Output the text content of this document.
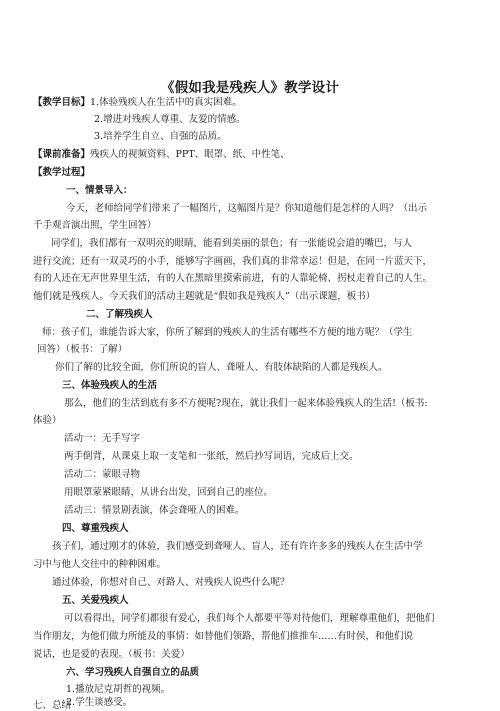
《假如我是残疾人》教学设计
【教学目标】1.体验残疾人在生活中的真实困难。
2.增进对残疾人尊重、友爱的情感。
3.培养学生自立、自强的品质。
【课前准备】残疾人的视频资料、PPT、眼罩、纸、中性笔、
【教学过程】
一、情景导入：
今天，老师给同学们带来了一幅图片，这幅图片是？你知道他们是怎样的人吗？（出示
千手观音演出照，学生回答）
同学们，我们都有一双明亮的眼睛，能看到美丽的景色；有一张能说会道的嘴巴，与人
进行交流；还有一双灵巧的小手，能够写字画画，我们真的非常幸运！但是，在同一片蓝天下，
有的人还在无声世界里生活，有的人在黑暗里摸索前进，有的人靠轮椅、拐杖走着自己的人生。
他们就是残疾人。今天我们的活动主题就是“假如我是残疾人”（出示课题，板书）
二、了解残疾人
师：孩子们，谁能告诉大家，你所了解到的残疾人的生活有哪些不方便的地方呢？（学生
回答）（板书：了解）
你们了解的比较全面，你们所说的盲人、聋哑人、有肢体缺陷的人都是残疾人。
三、体验残疾人的生活
那么，他们的生活到底有多不方便呢?现在，就让我们一起来体验残疾人的生活!（板书:
体验）
活动一：无手写字
两手倒背，从课桌上取一支笔和一张纸，然后抄写词语，完成后上交。
活动二：蒙眼寻物
用眼罩蒙紧眼睛，从讲台出发，回到自己的座位。
活动三：情景剧表演，体会聋哑人的困难。
四、尊重残疾人
孩子们，通过刚才的体验，我们感受到聋哑人、盲人，还有许许多多的残疾人在生活中学
习中与他人交往中的种种困难。
通过体验，你想对自己、对路人、对残疾人说些什么呢？
五、关爱残疾人
可以看得出，同学们都很有爱心，我们每个人都要平等对待他们，理解尊重他们，把他们
当作朋友，为他们做力所能及的事情：如替他们领路，帮他们推推车……有时侯，和他们说
说话，也是爱的表现。（板书：关爱）
六、学习残疾人自强自立的品质
1.播放尼克胡哲的视频。
2.学生谈感受。
七、总结
